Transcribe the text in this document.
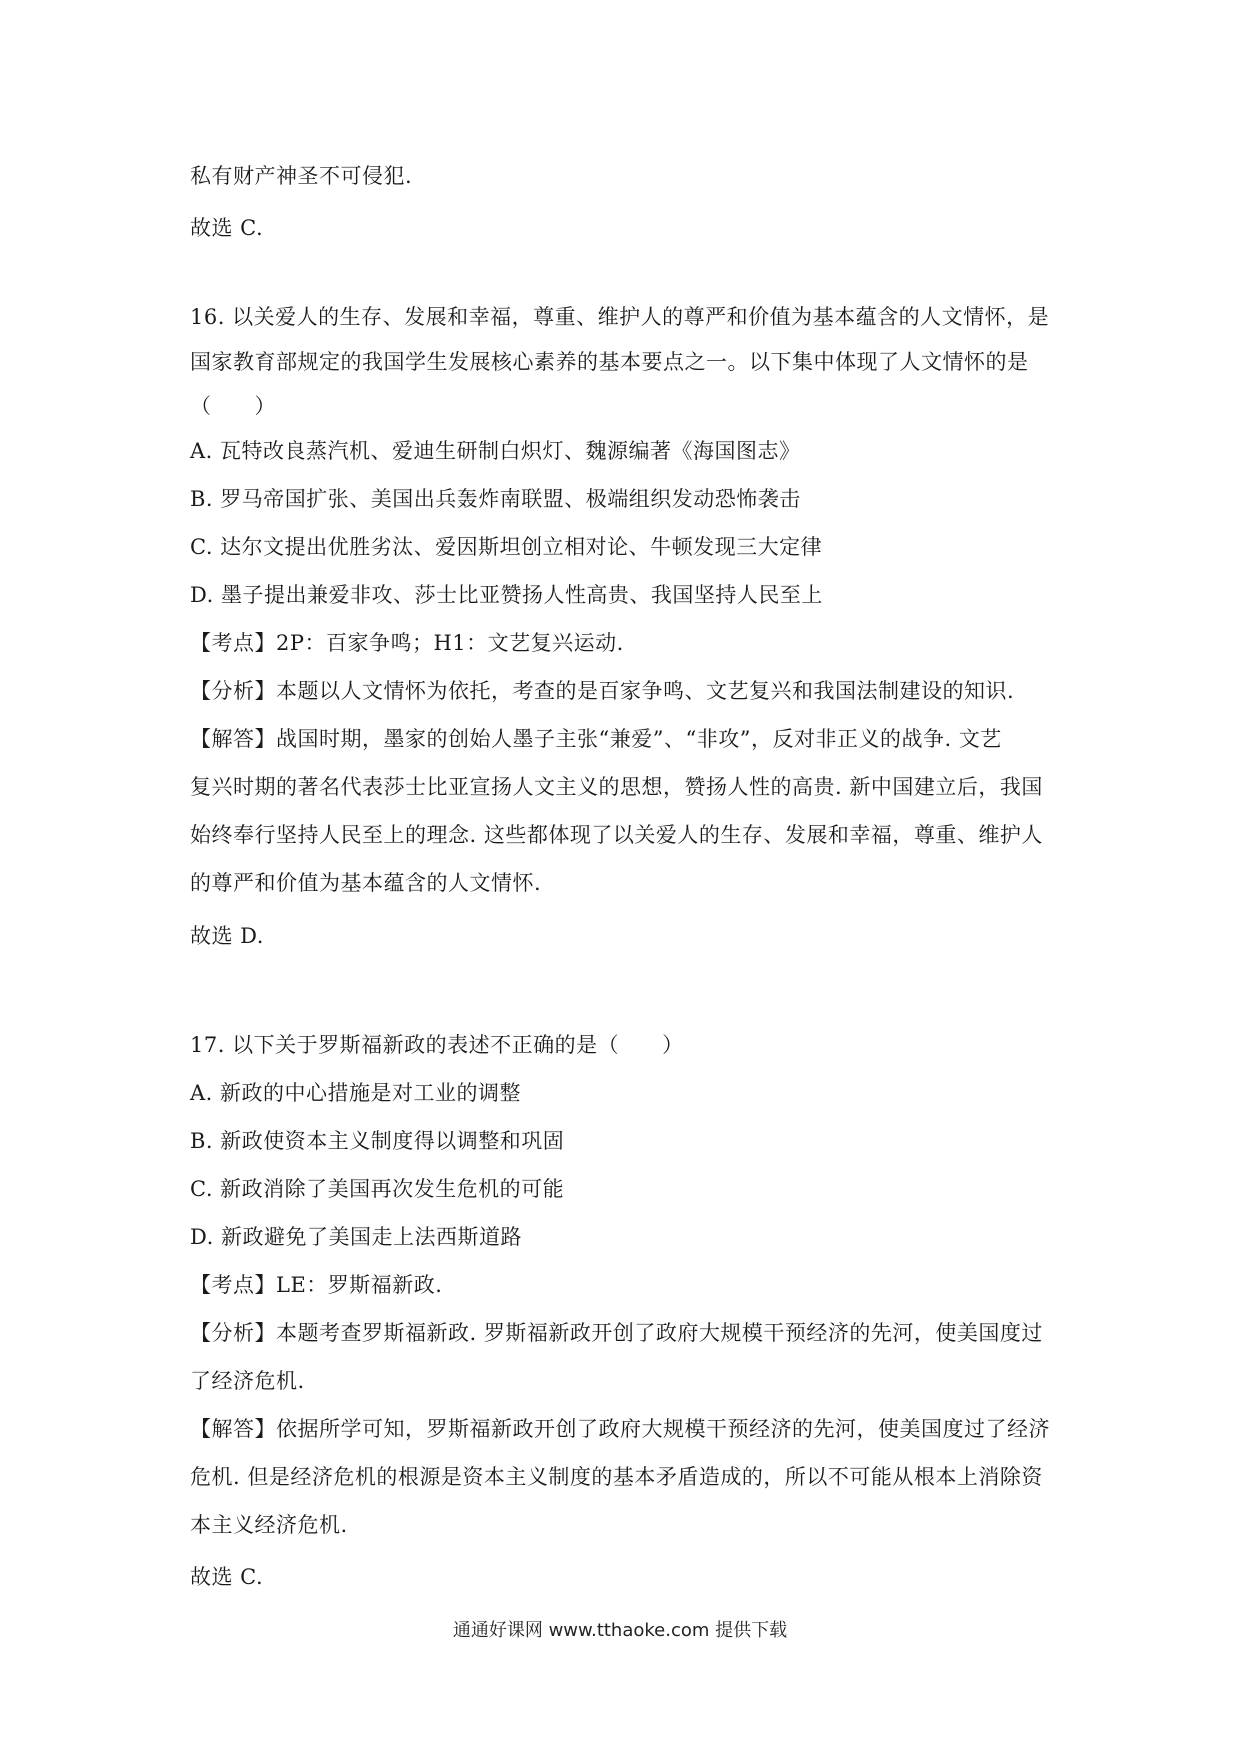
私有财产神圣不可侵犯.
故选 C.
16. 以关爱人的生存、发展和幸福，尊重、维护人的尊严和价值为基本蕴含的人文情怀，是
国家教育部规定的我国学生发展核心素养的基本要点之一。以下集中体现了人文情怀的是
（　　）
A. 瓦特改良蒸汽机、爱迪生研制白炽灯、魏源编著《海国图志》
B. 罗马帝国扩张、美国出兵轰炸南联盟、极端组织发动恐怖袭击
C. 达尔文提出优胜劣汰、爱因斯坦创立相对论、牛顿发现三大定律
D. 墨子提出兼爱非攻、莎士比亚赞扬人性高贵、我国坚持人民至上
【考点】2P：百家争鸣；H1：文艺复兴运动.
【分析】本题以人文情怀为依托，考查的是百家争鸣、文艺复兴和我国法制建设的知识.
【解答】战国时期，墨家的创始人墨子主张“兼爱”、“非攻”，反对非正义的战争. 文艺
复兴时期的著名代表莎士比亚宣扬人文主义的思想，赞扬人性的高贵. 新中国建立后，我国
始终奉行坚持人民至上的理念. 这些都体现了以关爱人的生存、发展和幸福，尊重、维护人
的尊严和价值为基本蕴含的人文情怀.
故选 D.
17. 以下关于罗斯福新政的表述不正确的是（　　）
A. 新政的中心措施是对工业的调整
B. 新政使资本主义制度得以调整和巩固
C. 新政消除了美国再次发生危机的可能
D. 新政避免了美国走上法西斯道路
【考点】LE：罗斯福新政.
【分析】本题考查罗斯福新政. 罗斯福新政开创了政府大规模干预经济的先河，使美国度过
了经济危机.
【解答】依据所学可知，罗斯福新政开创了政府大规模干预经济的先河，使美国度过了经济
危机. 但是经济危机的根源是资本主义制度的基本矛盾造成的，所以不可能从根本上消除资
本主义经济危机.
故选 C.
通通好课网 www.tthaoke.com 提供下载
